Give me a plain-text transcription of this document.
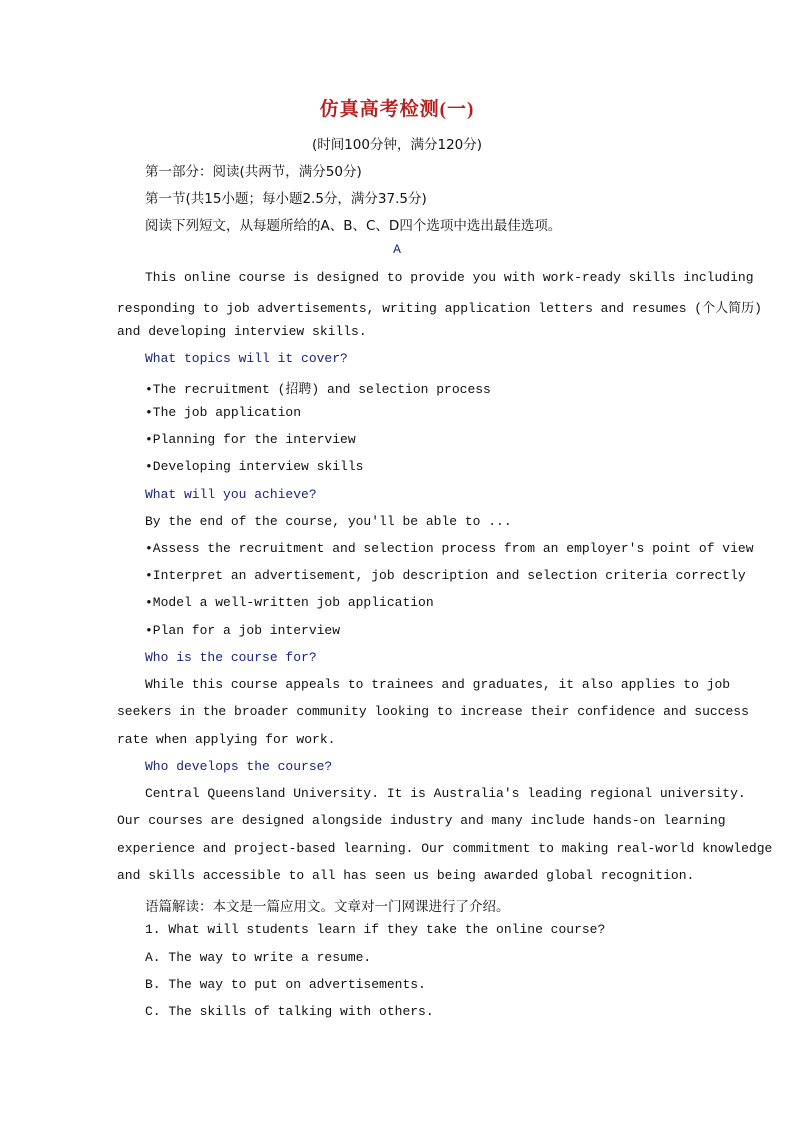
仿真高考检测(一)
(时间100分钟，满分120分)
第一部分：阅读(共两节，满分50分)
第一节(共15小题；每小题2.5分，满分37.5分)
阅读下列短文，从每题所给的A、B、C、D四个选项中选出最佳选项。
A
This online course is designed to provide you with work-ready skills including
responding to job advertisements, writing application letters and resumes (个人简历)
and developing interview skills.
What topics will it cover?
•The recruitment (招聘) and selection process
•The job application
•Planning for the interview
•Developing interview skills
What will you achieve?
By the end of the course, you'll be able to ...
•Assess the recruitment and selection process from an employer's point of view
•Interpret an advertisement, job description and selection criteria correctly
•Model a well-written job application
•Plan for a job interview
Who is the course for?
While this course appeals to trainees and graduates, it also applies to job
seekers in the broader community looking to increase their confidence and success
rate when applying for work.
Who develops the course?
Central Queensland University. It is Australia's leading regional university.
Our courses are designed alongside industry and many include hands-on learning
experience and project-based learning. Our commitment to making real-world knowledge
and skills accessible to all has seen us being awarded global recognition.
语篇解读：本文是一篇应用文。文章对一门网课进行了介绍。
1. What will students learn if they take the online course?
A. The way to write a resume.
B. The way to put on advertisements.
C. The skills of talking with others.
